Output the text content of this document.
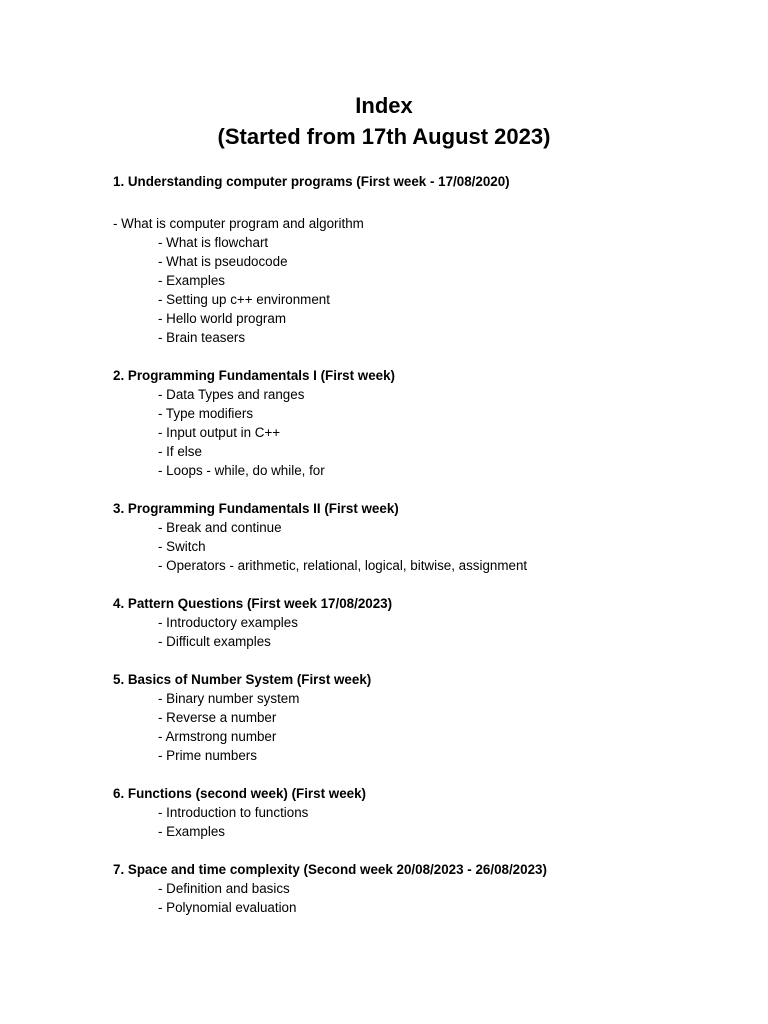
Index
(Started from 17th August 2023)

1. Understanding computer programs (First week - 17/08/2020)

- What is computer program and algorithm

- What is flowchart
- What is pseudocode
- Examples
- Setting up c++ environment
- Hello world program
- Brain teasers

2. Programming Fundamentals I (First week)

- Data Types and ranges
- Type modifiers
- Input output in C++
- If else
- Loops - while, do while, for

3. Programming Fundamentals II (First week)

- Break and continue
- Switch
- Operators - arithmetic, relational, logical, bitwise, assignment

4. Pattern Questions (First week 17/08/2023)

- Introductory examples
- Difficult examples

5. Basics of Number System (First week)

- Binary number system
- Reverse a number
- Armstrong number
- Prime numbers

6. Functions (second week) (First week)

- Introduction to functions
- Examples

7. Space and time complexity (Second week 20/08/2023 - 26/08/2023)

- Definition and basics
- Polynomial evaluation
